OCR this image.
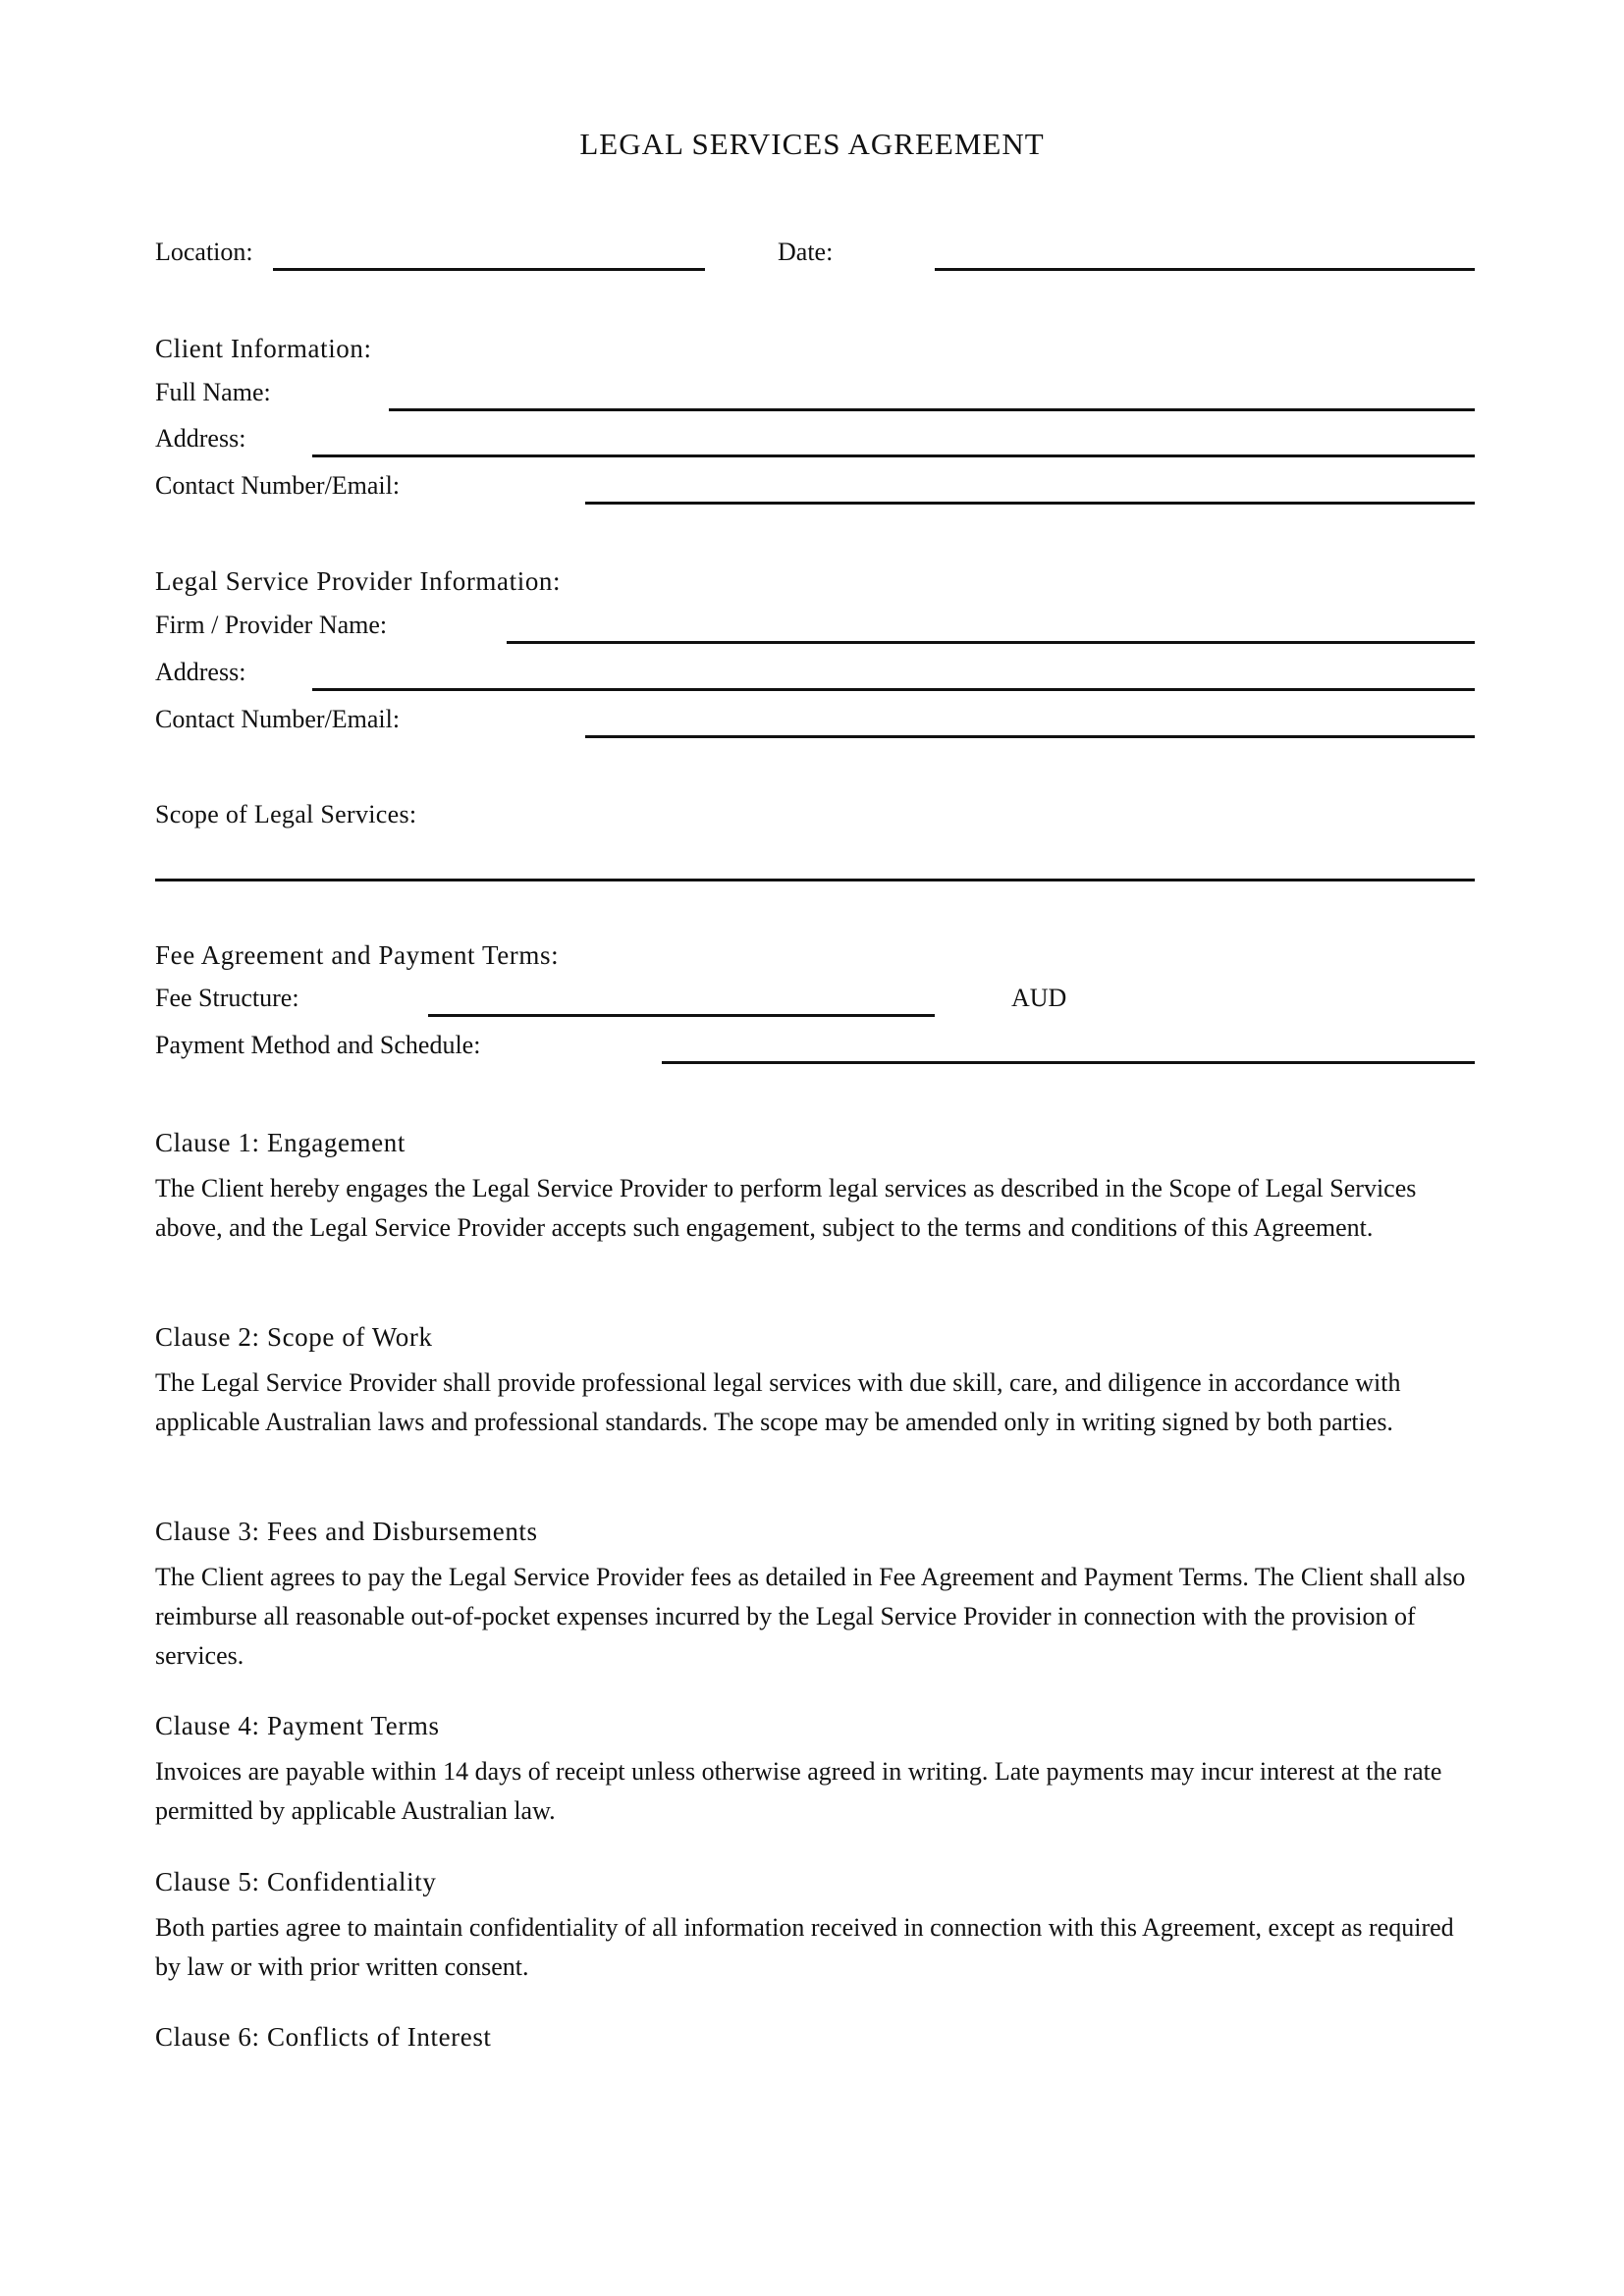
LEGAL SERVICES AGREEMENT
Location:	Date:
Client Information:
Full Name:
Address:
Contact Number/Email:
Legal Service Provider Information:
Firm / Provider Name:
Address:
Contact Number/Email:
Scope of Legal Services:
Fee Agreement and Payment Terms:
Fee Structure:	AUD
Payment Method and Schedule:
Clause 1: Engagement
The Client hereby engages the Legal Service Provider to perform legal services as described in the Scope of Legal Services above, and the Legal Service Provider accepts such engagement, subject to the terms and conditions of this Agreement.
Clause 2: Scope of Work
The Legal Service Provider shall provide professional legal services with due skill, care, and diligence in accordance with applicable Australian laws and professional standards. The scope may be amended only in writing signed by both parties.
Clause 3: Fees and Disbursements
The Client agrees to pay the Legal Service Provider fees as detailed in Fee Agreement and Payment Terms. The Client shall also reimburse all reasonable out-of-pocket expenses incurred by the Legal Service Provider in connection with the provision of services.
Clause 4: Payment Terms
Invoices are payable within 14 days of receipt unless otherwise agreed in writing. Late payments may incur interest at the rate permitted by applicable Australian law.
Clause 5: Confidentiality
Both parties agree to maintain confidentiality of all information received in connection with this Agreement, except as required by law or with prior written consent.
Clause 6: Conflicts of Interest
